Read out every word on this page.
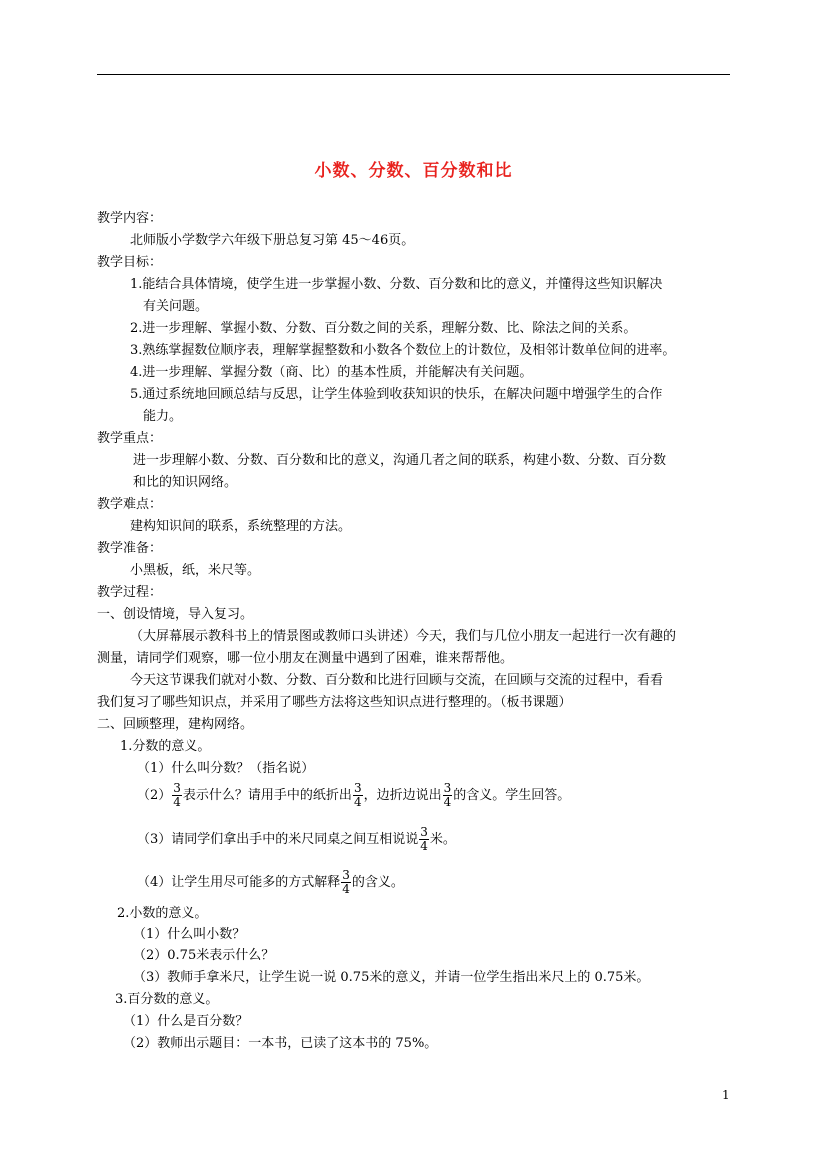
小数、分数、百分数和比
教学内容：
北师版小学数学六年级下册总复习第 45～46页。
教学目标：
1.能结合具体情境，使学生进一步掌握小数、分数、百分数和比的意义，并懂得这些知识解决
有关问题。
2.进一步理解、掌握小数、分数、百分数之间的关系，理解分数、比、除法之间的关系。
3.熟练掌握数位顺序表，理解掌握整数和小数各个数位上的计数位，及相邻计数单位间的进率。
4.进一步理解、掌握分数（商、比）的基本性质，并能解决有关问题。
5.通过系统地回顾总结与反思，让学生体验到收获知识的快乐，在解决问题中增强学生的合作
能力。
教学重点：
进一步理解小数、分数、百分数和比的意义，沟通几者之间的联系，构建小数、分数、百分数
和比的知识网络。
教学难点：
建构知识间的联系，系统整理的方法。
教学准备：
小黑板，纸，米尺等。
教学过程：
一、创设情境，导入复习。
（大屏幕展示教科书上的情景图或教师口头讲述）今天，我们与几位小朋友一起进行一次有趣的
测量，请同学们观察，哪一位小朋友在测量中遇到了困难，谁来帮帮他。
今天这节课我们就对小数、分数、百分数和比进行回顾与交流，在回顾与交流的过程中，看看
我们复习了哪些知识点，并采用了哪些方法将这些知识点进行整理的。（板书课题）
二、回顾整理，建构网络。
1.分数的意义。
（1）什么叫分数？（指名说）
$(2) \frac{3}{4}$ 表示什么？请用手中的纸折出 $\frac{3}{4}$ ，边折边说出 $\frac{3}{4}$ 的含义。学生回答。
（3）请同学们拿出手中的米尺同桌之间互相说说 $\frac{3}{4}$ 米。
（4）让学生用尽可能多的方式解释 $\frac{3}{4}$ 的含义。
2.小数的意义。
（1）什么叫小数？
（2）0.75米表示什么？
（3）教师手拿米尺，让学生说一说 0.75米的意义，并请一位学生指出米尺上的 0.75米。
3.百分数的意义。
（1）什么是百分数？
（2）教师出示题目：一本书，已读了这本书的 75%。
1
